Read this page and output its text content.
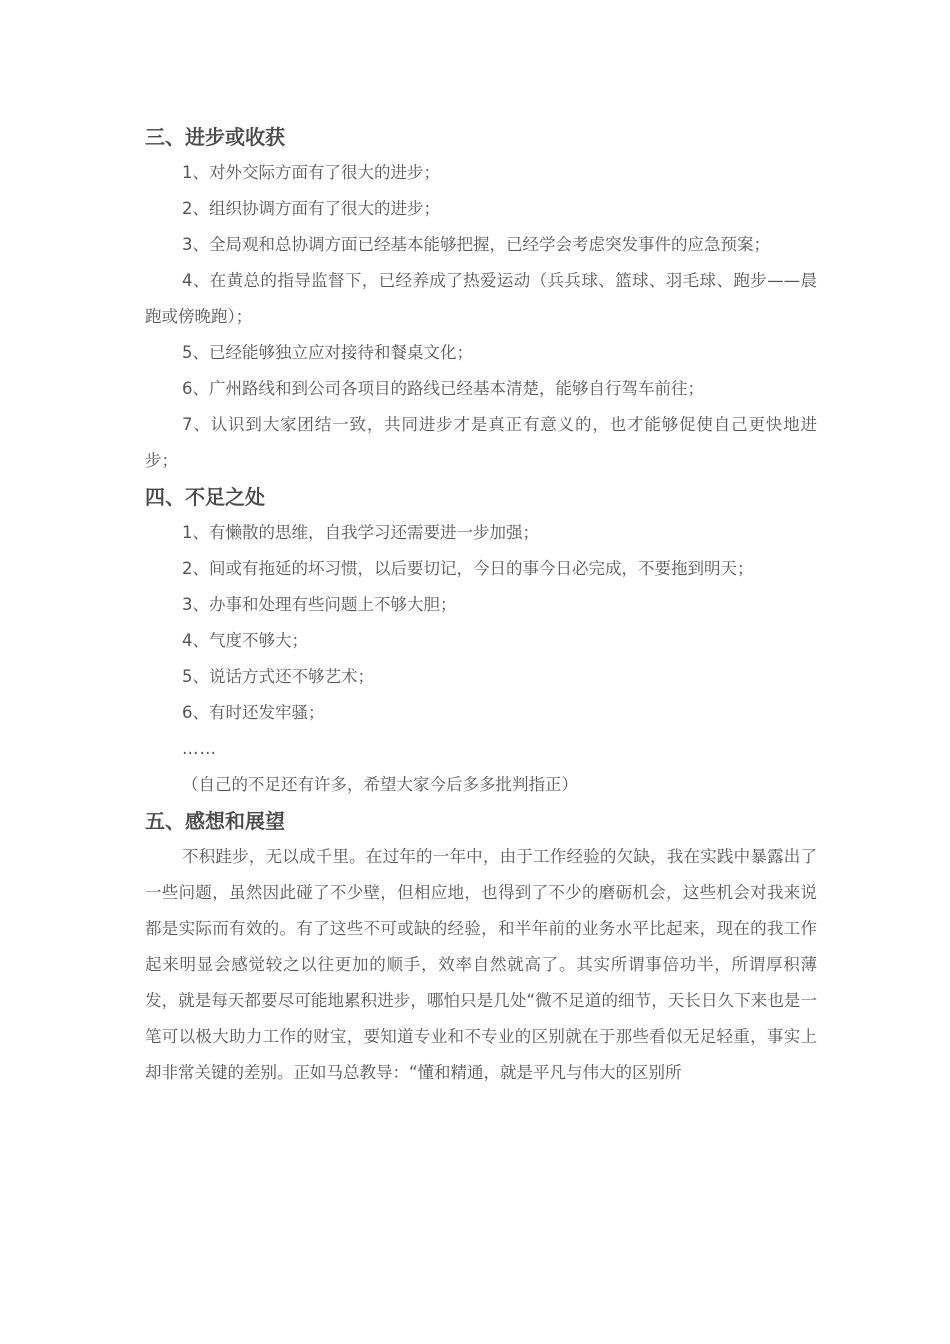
三、进步或收获
1、对外交际方面有了很大的进步；
2、组织协调方面有了很大的进步；
3、全局观和总协调方面已经基本能够把握，已经学会考虑突发事件的应急预案；
4、在黄总的指导监督下，已经养成了热爱运动（兵兵球、篮球、羽毛球、跑步——晨跑或傍晚跑）；
5、已经能够独立应对接待和餐桌文化；
6、广州路线和到公司各项目的路线已经基本清楚，能够自行驾车前往；
7、认识到大家团结一致，共同进步才是真正有意义的，也才能够促使自己更快地进步；
四、不足之处
1、有懒散的思维，自我学习还需要进一步加强；
2、间或有拖延的坏习惯，以后要切记，今日的事今日必完成，不要拖到明天；
3、办事和处理有些问题上不够大胆；
4、气度不够大；
5、说话方式还不够艺术；
6、有时还发牢骚；
……
（自己的不足还有许多，希望大家今后多多批判指正）
五、感想和展望
不积跬步，无以成千里。在过年的一年中，由于工作经验的欠缺，我在实践中暴露出了一些问题，虽然因此碰了不少壁，但相应地，也得到了不少的磨砺机会，这些机会对我来说都是实际而有效的。有了这些不可或缺的经验，和半年前的业务水平比起来，现在的我工作起来明显会感觉较之以往更加的顺手，效率自然就高了。其实所谓事倍功半，所谓厚积薄发，就是每天都要尽可能地累积进步，哪怕只是几处“微不足道的细节，天长日久下来也是一笔可以极大助力工作的财宝，要知道专业和不专业的区别就在于那些看似无足轻重，事实上却非常关键的差别。正如马总教导：“懂和精通，就是平凡与伟大的区别所
